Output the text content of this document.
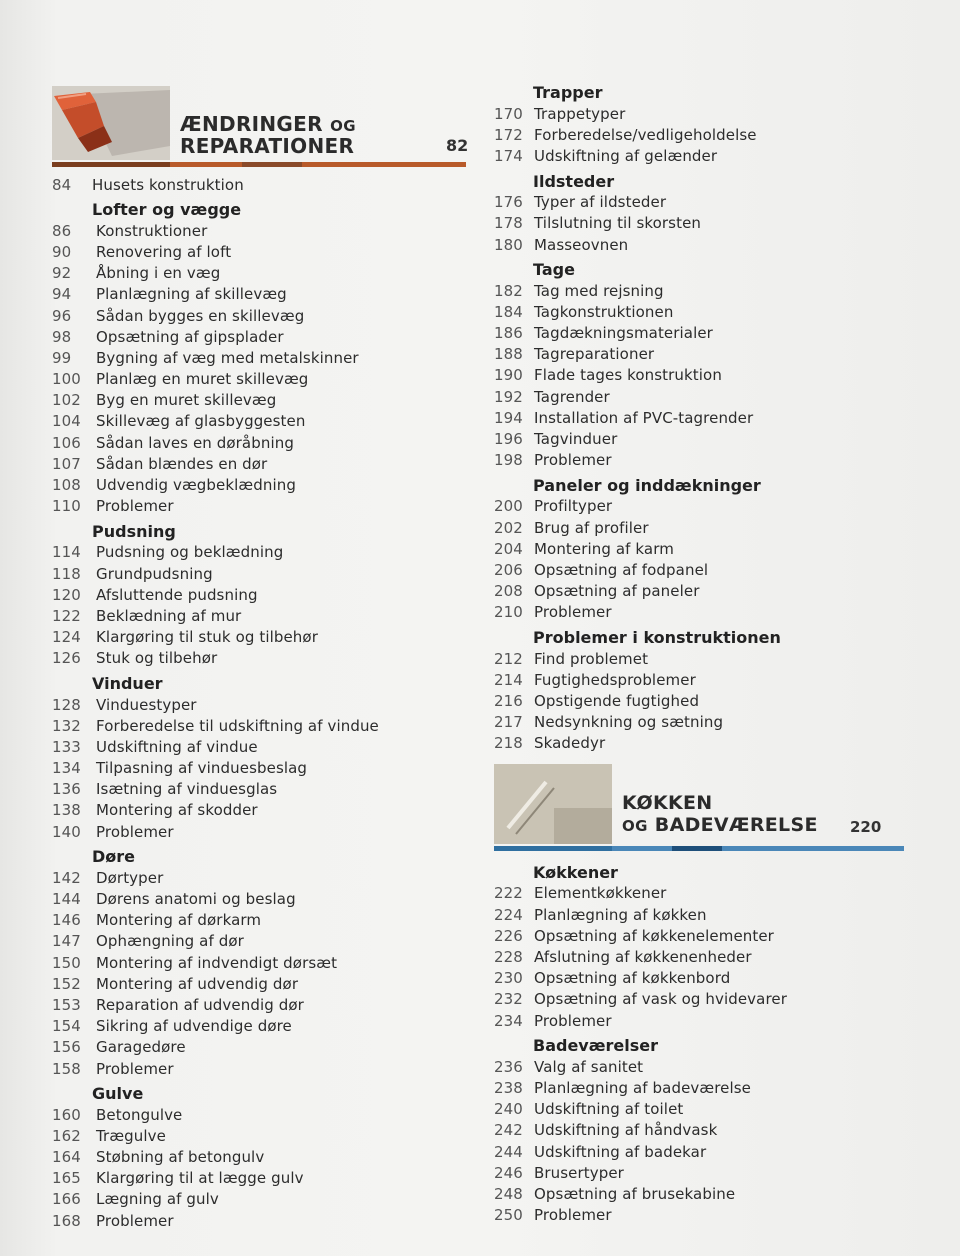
ÆNDRINGER OG
REPARATIONER	82
84	Husets konstruktion
Lofter og vægge
86	Konstruktioner
90	Renovering af loft
92	Åbning i en væg
94	Planlægning af skillevæg
96	Sådan bygges en skillevæg
98	Opsætning af gipsplader
99	Bygning af væg med metalskinner
100	Planlæg en muret skillevæg
102	Byg en muret skillevæg
104	Skillevæg af glasbyggesten
106	Sådan laves en døråbning
107	Sådan blændes en dør
108	Udvendig vægbeklædning
110	Problemer
Pudsning
114	Pudsning og beklædning
118	Grundpudsning
120	Afsluttende pudsning
122	Beklædning af mur
124	Klargøring til stuk og tilbehør
126	Stuk og tilbehør
Vinduer
128	Vinduestyper
132	Forberedelse til udskiftning af vindue
133	Udskiftning af vindue
134	Tilpasning af vinduesbeslag
136	Isætning af vinduesglas
138	Montering af skodder
140	Problemer
Døre
142	Dørtyper
144	Dørens anatomi og beslag
146	Montering af dørkarm
147	Ophængning af dør
150	Montering af indvendigt dørsæt
152	Montering af udvendig dør
153	Reparation af udvendig dør
154	Sikring af udvendige døre
156	Garagedøre
158	Problemer
Gulve
160	Betongulve
162	Trægulve
164	Støbning af betongulv
165	Klargøring til at lægge gulv
166	Lægning af gulv
168	Problemer
Trapper
170 Trappetyper
172 Forberedelse/vedligeholdelse
174 Udskiftning af gelænder
Ildsteder
176 Typer af ildsteder
178 Tilslutning til skorsten
180 Masseovnen
Tage
182 Tag med rejsning
184 Tagkonstruktionen
186 Tagdækningsmaterialer
188 Tagreparationer
190 Flade tages konstruktion
192 Tagrender
194 Installation af PVC-tagrender
196 Tagvinduer
198 Problemer
Paneler og inddækninger
200 Profiltyper
202 Brug af profiler
204 Montering af karm
206 Opsætning af fodpanel
208 Opsætning af paneler
210 Problemer
Problemer i konstruktionen
212 Find problemet
214 Fugtighedsproblemer
216 Opstigende fugtighed
217 Nedsynkning og sætning
218 Skadedyr
KØKKEN
OG BADEVÆRELSE 220
Køkkener
222 Elementkøkkener
224 Planlægning af køkken
226 Opsætning af køkkenelementer
228 Afslutning af køkkenenheder
230 Opsætning af køkkenbord
232 Opsætning af vask og hvidevarer
234 Problemer
Badeværelser
236 Valg af sanitet
238 Planlægning af badeværelse
240 Udskiftning af toilet
242 Udskiftning af håndvask
244 Udskiftning af badekar
246 Brusertyper
248 Opsætning af brusekabine
250 Problemer
